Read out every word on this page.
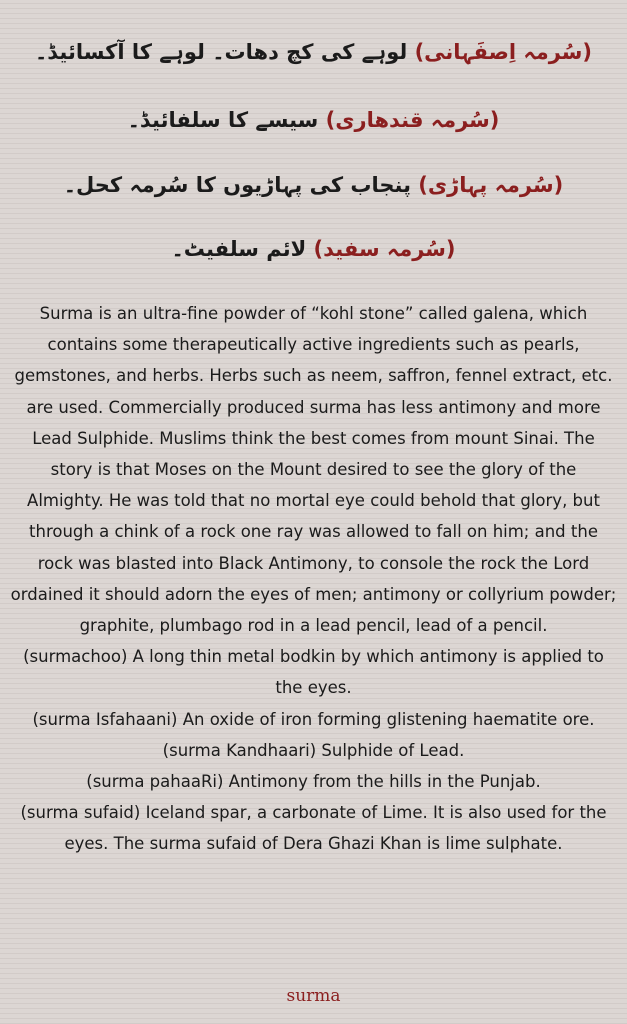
(سُرمہ اِصفَہانی) لوہے کی کچ دھات۔ لوہے کا آکسائیڈ۔

(سُرمہ قندھاری) سیسے کا سلفائیڈ۔

(سُرمہ پہاڑی) پنجاب کی پہاڑیوں کا سُرمہ کحل۔

(سُرمہ سفید) لائم سلفیٹ۔

Surma is an ultra-fine powder of “kohl stone” called galena, which contains some therapeutically active ingredients such as pearls, gemstones, and herbs. Herbs such as neem, saffron, fennel extract, etc. are used. Commercially produced surma has less antimony and more Lead Sulphide. Muslims think the best comes from mount Sinai. The story is that Moses on the Mount desired to see the glory of the Almighty. He was told that no mortal eye could behold that glory, but through a chink of a rock one ray was allowed to fall on him; and the rock was blasted into Black Antimony, to console the rock the Lord ordained it should adorn the eyes of men; antimony or collyrium powder; graphite, plumbago rod in a lead pencil, lead of a pencil.

(surmachoo) A long thin metal bodkin by which antimony is applied to the eyes.

(surma Isfahaani) An oxide of iron forming glistening haematite ore.

(surma Kandhaari) Sulphide of Lead.

(surma pahaaRi) Antimony from the hills in the Punjab.

(surma sufaid) Iceland spar, a carbonate of Lime. It is also used for the eyes. The surma sufaid of Dera Ghazi Khan is lime sulphate.

surma
